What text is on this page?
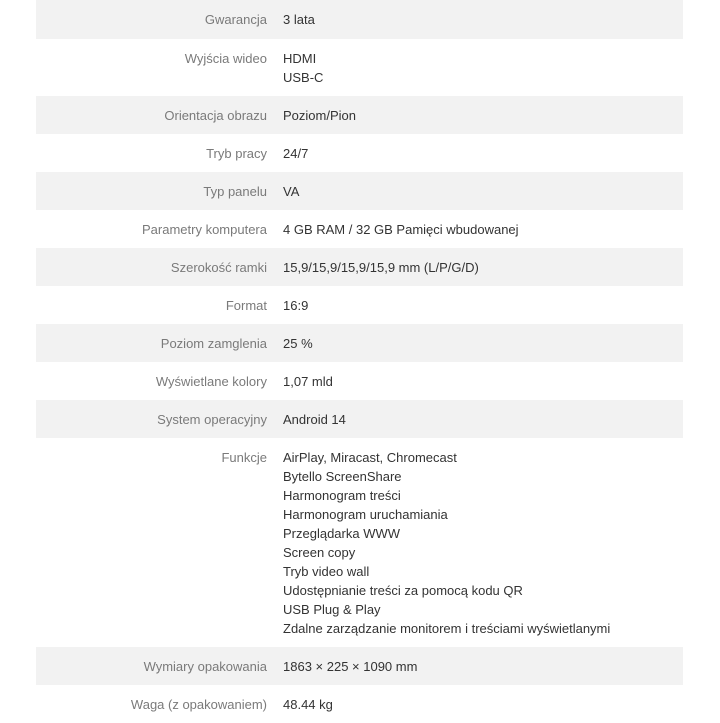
Gwarancja 3 lata
Wyjścia wideo HDMI
USB-C
Orientacja obrazu Poziom/Pion
Tryb pracy 24/7
Typ panelu VA
Parametry komputera 4 GB RAM / 32 GB Pamięci wbudowanej
Szerokość ramki 15,9/15,9/15,9/15,9 mm (L/P/G/D)
Format 16:9
Poziom zamglenia 25 %
Wyświetlane kolory 1,07 mld
System operacyjny Android 14
Funkcje AirPlay, Miracast, Chromecast
Bytello ScreenShare
Harmonogram treści
Harmonogram uruchamiania
Przeglądarka WWW
Screen copy
Tryb video wall
Udostępnianie treści za pomocą kodu QR
USB Plug & Play
Zdalne zarządzanie monitorem i treściami wyświetlanymi
Wymiary opakowania 1863 × 225 × 1090 mm
Waga (z opakowaniem) 48.44 kg
